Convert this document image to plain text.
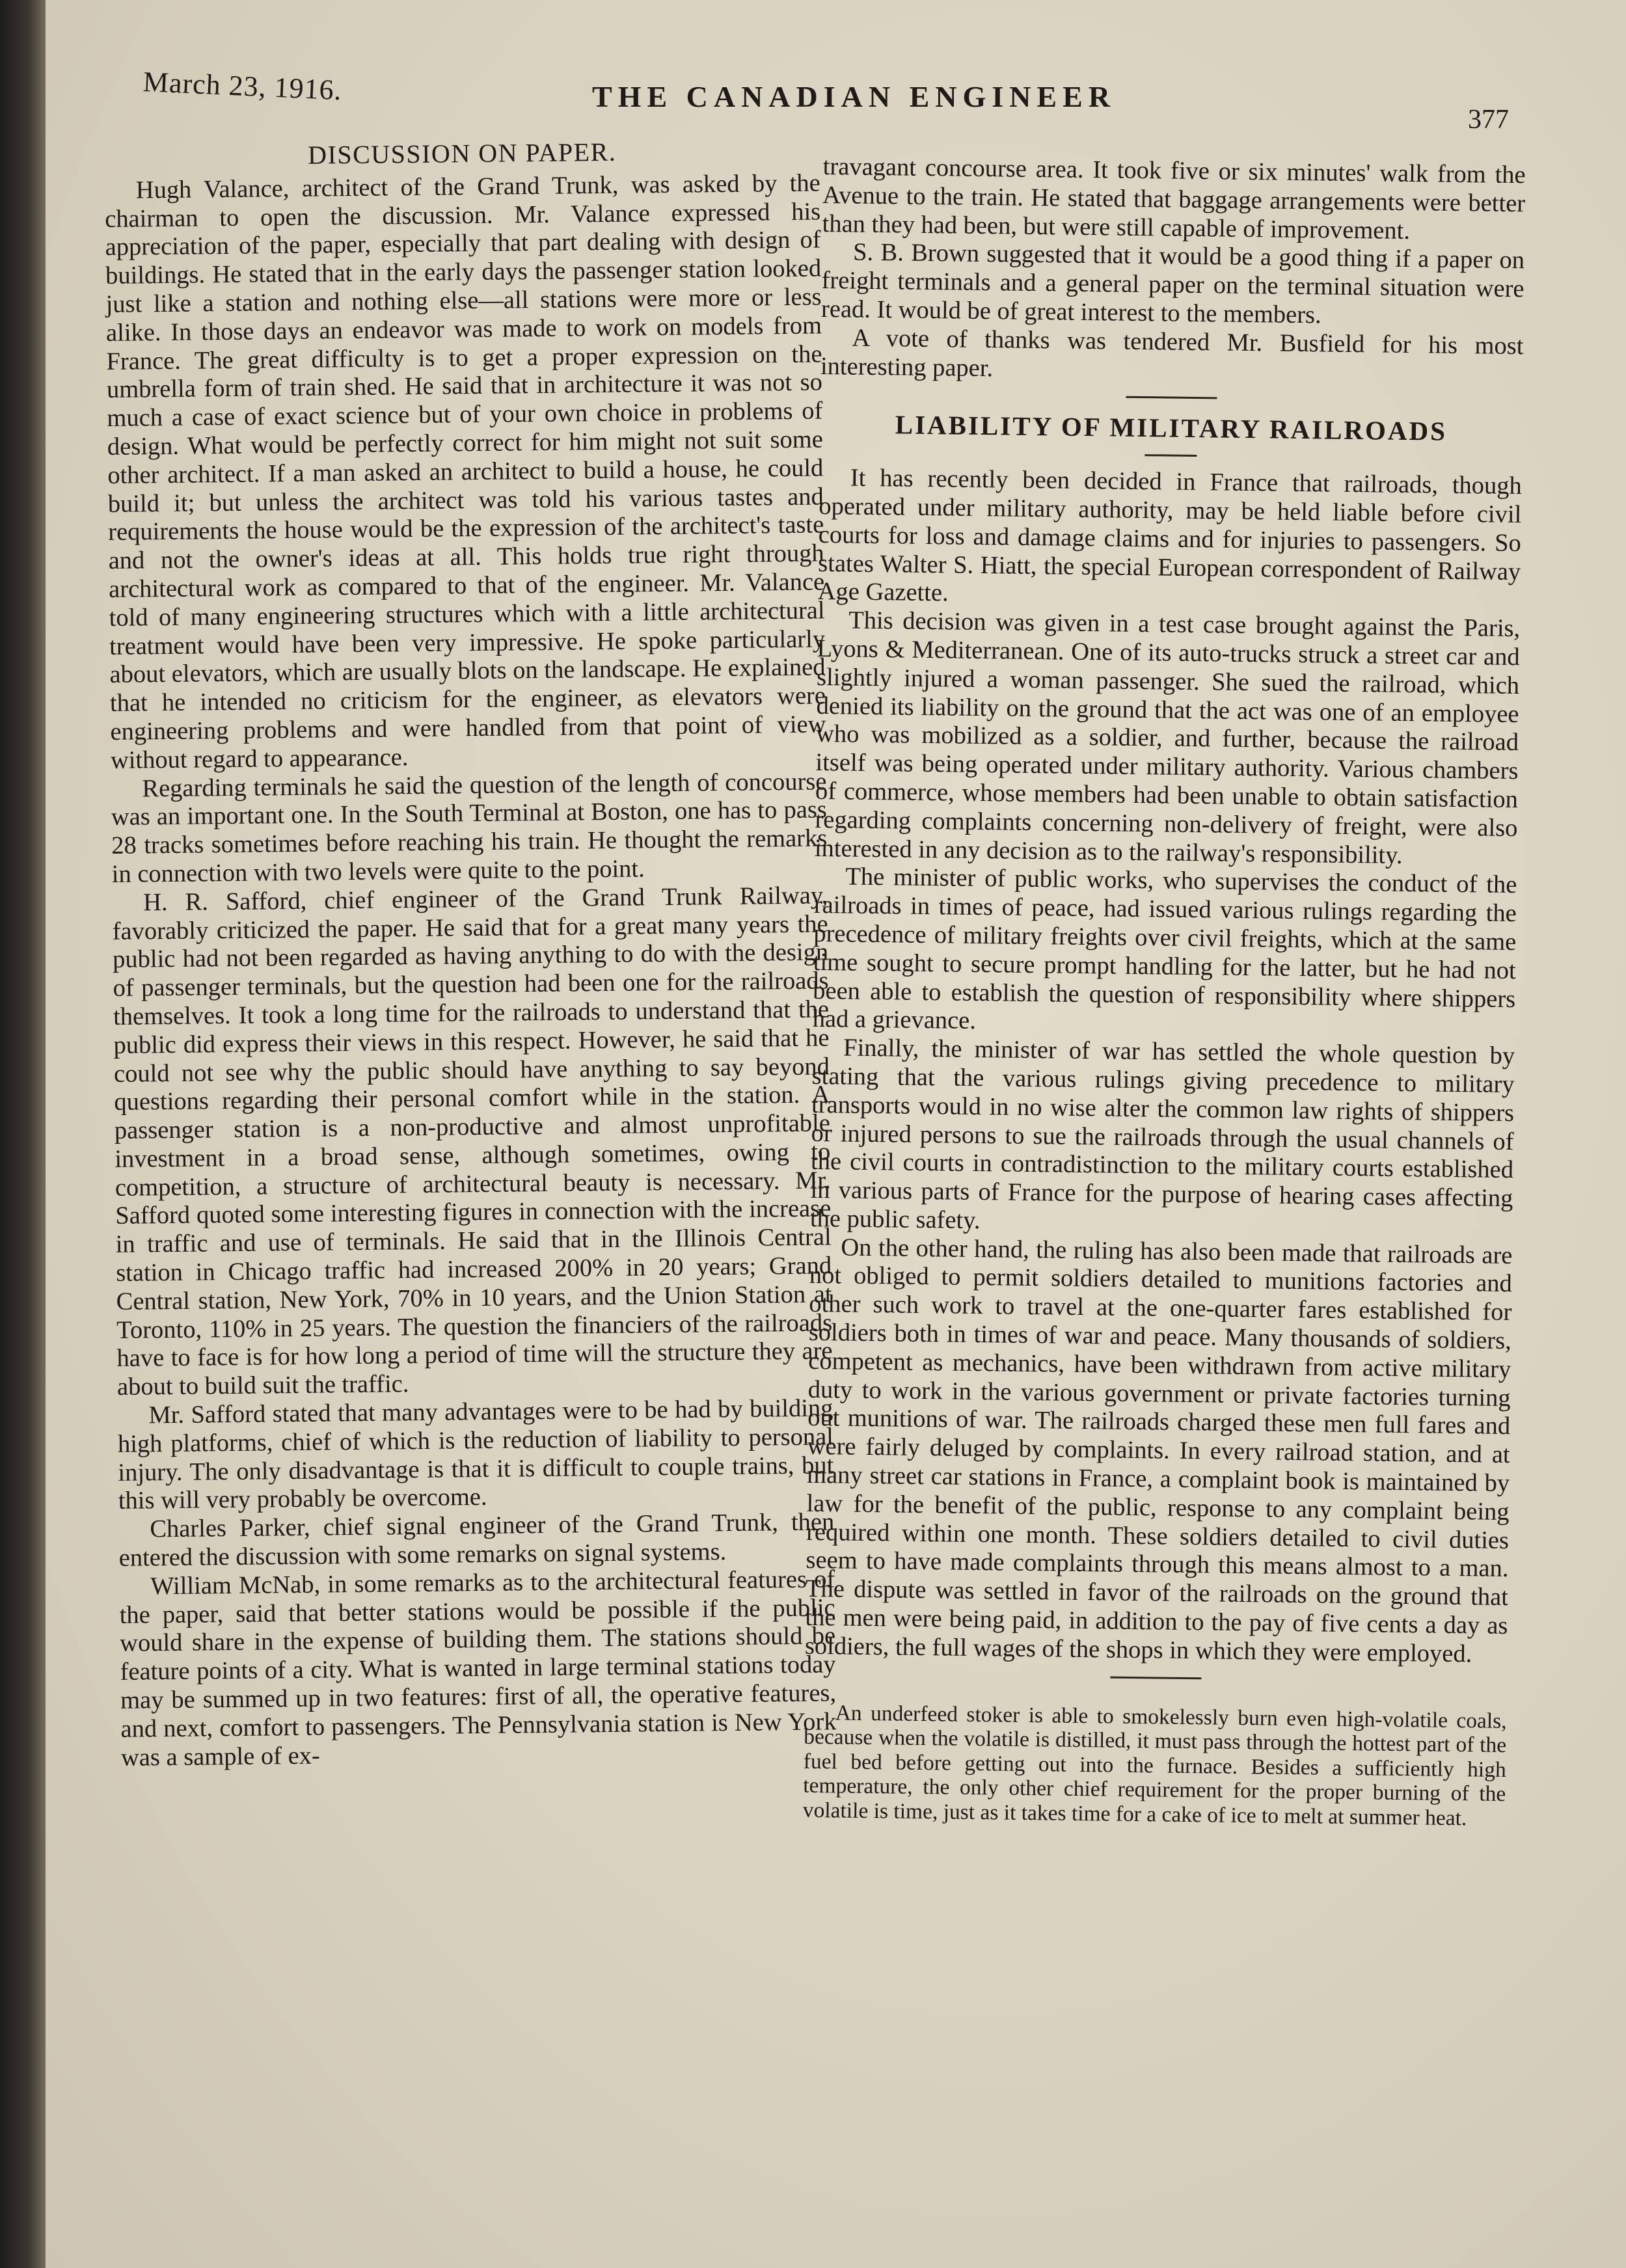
March 23, 1916.	THE CANADIAN ENGINEER
377
DISCUSSION ON PAPER.

Hugh Valance, architect of the Grand Trunk, was asked by the chairman to open the discussion. Mr. Valance expressed his appreciation of the paper, especially that part dealing with design of buildings. He stated that in the early days the passenger station looked just like a station and nothing else—all stations were more or less alike. In those days an endeavor was made to work on models from France. The great difficulty is to get a proper expression on the umbrella form of train shed. He said that in architecture it was not so much a case of exact science but of your own choice in problems of design. What would be perfectly correct for him might not suit some other architect. If a man asked an architect to build a house, he could build it; but unless the architect was told his various tastes and requirements the house would be the expression of the architect's taste and not the owner's ideas at all. This holds true right through architectural work as compared to that of the engineer. Mr. Valance told of many engineering structures which with a little architectural treatment would have been very impressive. He spoke particularly about elevators, which are usually blots on the landscape. He explained that he intended no criticism for the engineer, as elevators were engineering problems and were handled from that point of view without regard to appearance.

Regarding terminals he said the question of the length of concourse was an important one. In the South Terminal at Boston, one has to pass 28 tracks sometimes before reaching his train. He thought the remarks in connection with two levels were quite to the point.

H. R. Safford, chief engineer of the Grand Trunk Railway, favorably criticized the paper. He said that for a great many years the public had not been regarded as having anything to do with the design of passenger terminals, but the question had been one for the railroads themselves. It took a long time for the railroads to understand that the public did express their views in this respect. However, he said that he could not see why the public should have anything to say beyond questions regarding their personal comfort while in the station. A passenger station is a non-productive and almost unprofitable investment in a broad sense, although sometimes, owing to competition, a structure of architectural beauty is necessary. Mr. Safford quoted some interesting figures in connection with the increase in traffic and use of terminals. He said that in the Illinois Central station in Chicago traffic had increased 200% in 20 years; Grand Central station, New York, 70% in 10 years, and the Union Station at Toronto, 110% in 25 years. The question the financiers of the railroads have to face is for how long a period of time will the structure they are about to build suit the traffic.

Mr. Safford stated that many advantages were to be had by building high platforms, chief of which is the reduction of liability to personal injury. The only disadvantage is that it is difficult to couple trains, but this will very probably be overcome.

Charles Parker, chief signal engineer of the Grand Trunk, then entered the discussion with some remarks on signal systems.

William McNab, in some remarks as to the architectural features of the paper, said that better stations would be possible if the public would share in the expense of building them. The stations should be feature points of a city. What is wanted in large terminal stations today may be summed up in two features: first of all, the operative features, and next, comfort to passengers. The Pennsylvania station is New York was a sample of ex-

travagant concourse area. It took five or six minutes' walk from the Avenue to the train. He stated that baggage arrangements were better than they had been, but were still capable of improvement.

S. B. Brown suggested that it would be a good thing if a paper on freight terminals and a general paper on the terminal situation were read. It would be of great interest to the members.

A vote of thanks was tendered Mr. Busfield for his most interesting paper.

LIABILITY OF MILITARY RAILROADS

It has recently been decided in France that railroads, though operated under military authority, may be held liable before civil courts for loss and damage claims and for injuries to passengers. So states Walter S. Hiatt, the special European correspondent of Railway Age Gazette.

This decision was given in a test case brought against the Paris, Lyons & Mediterranean. One of its auto-trucks struck a street car and slightly injured a woman passenger. She sued the railroad, which denied its liability on the ground that the act was one of an employee who was mobilized as a soldier, and further, because the railroad itself was being operated under military authority. Various chambers of commerce, whose members had been unable to obtain satisfaction regarding complaints concerning non-delivery of freight, were also interested in any decision as to the railway's responsibility.

The minister of public works, who supervises the conduct of the railroads in times of peace, had issued various rulings regarding the precedence of military freights over civil freights, which at the same time sought to secure prompt handling for the latter, but he had not been able to establish the question of responsibility where shippers had a grievance.

Finally, the minister of war has settled the whole question by stating that the various rulings giving precedence to military transports would in no wise alter the common law rights of shippers or injured persons to sue the railroads through the usual channels of the civil courts in contradistinction to the military courts established in various parts of France for the purpose of hearing cases affecting the public safety.

On the other hand, the ruling has also been made that railroads are not obliged to permit soldiers detailed to munitions factories and other such work to travel at the one-quarter fares established for soldiers both in times of war and peace. Many thousands of soldiers, competent as mechanics, have been withdrawn from active military duty to work in the various government or private factories turning out munitions of war. The railroads charged these men full fares and were fairly deluged by complaints. In every railroad station, and at many street car stations in France, a complaint book is maintained by law for the benefit of the public, response to any complaint being required within one month. These soldiers detailed to civil duties seem to have made complaints through this means almost to a man. The dispute was settled in favor of the railroads on the ground that the men were being paid, in addition to the pay of five cents a day as soldiers, the full wages of the shops in which they were employed.

An underfeed stoker is able to smokelessly burn even high-volatile coals, because when the volatile is distilled, it must pass through the hottest part of the fuel bed before getting out into the furnace. Besides a sufficiently high temperature, the only other chief requirement for the proper burning of the volatile is time, just as it takes time for a cake of ice to melt at summer heat.
